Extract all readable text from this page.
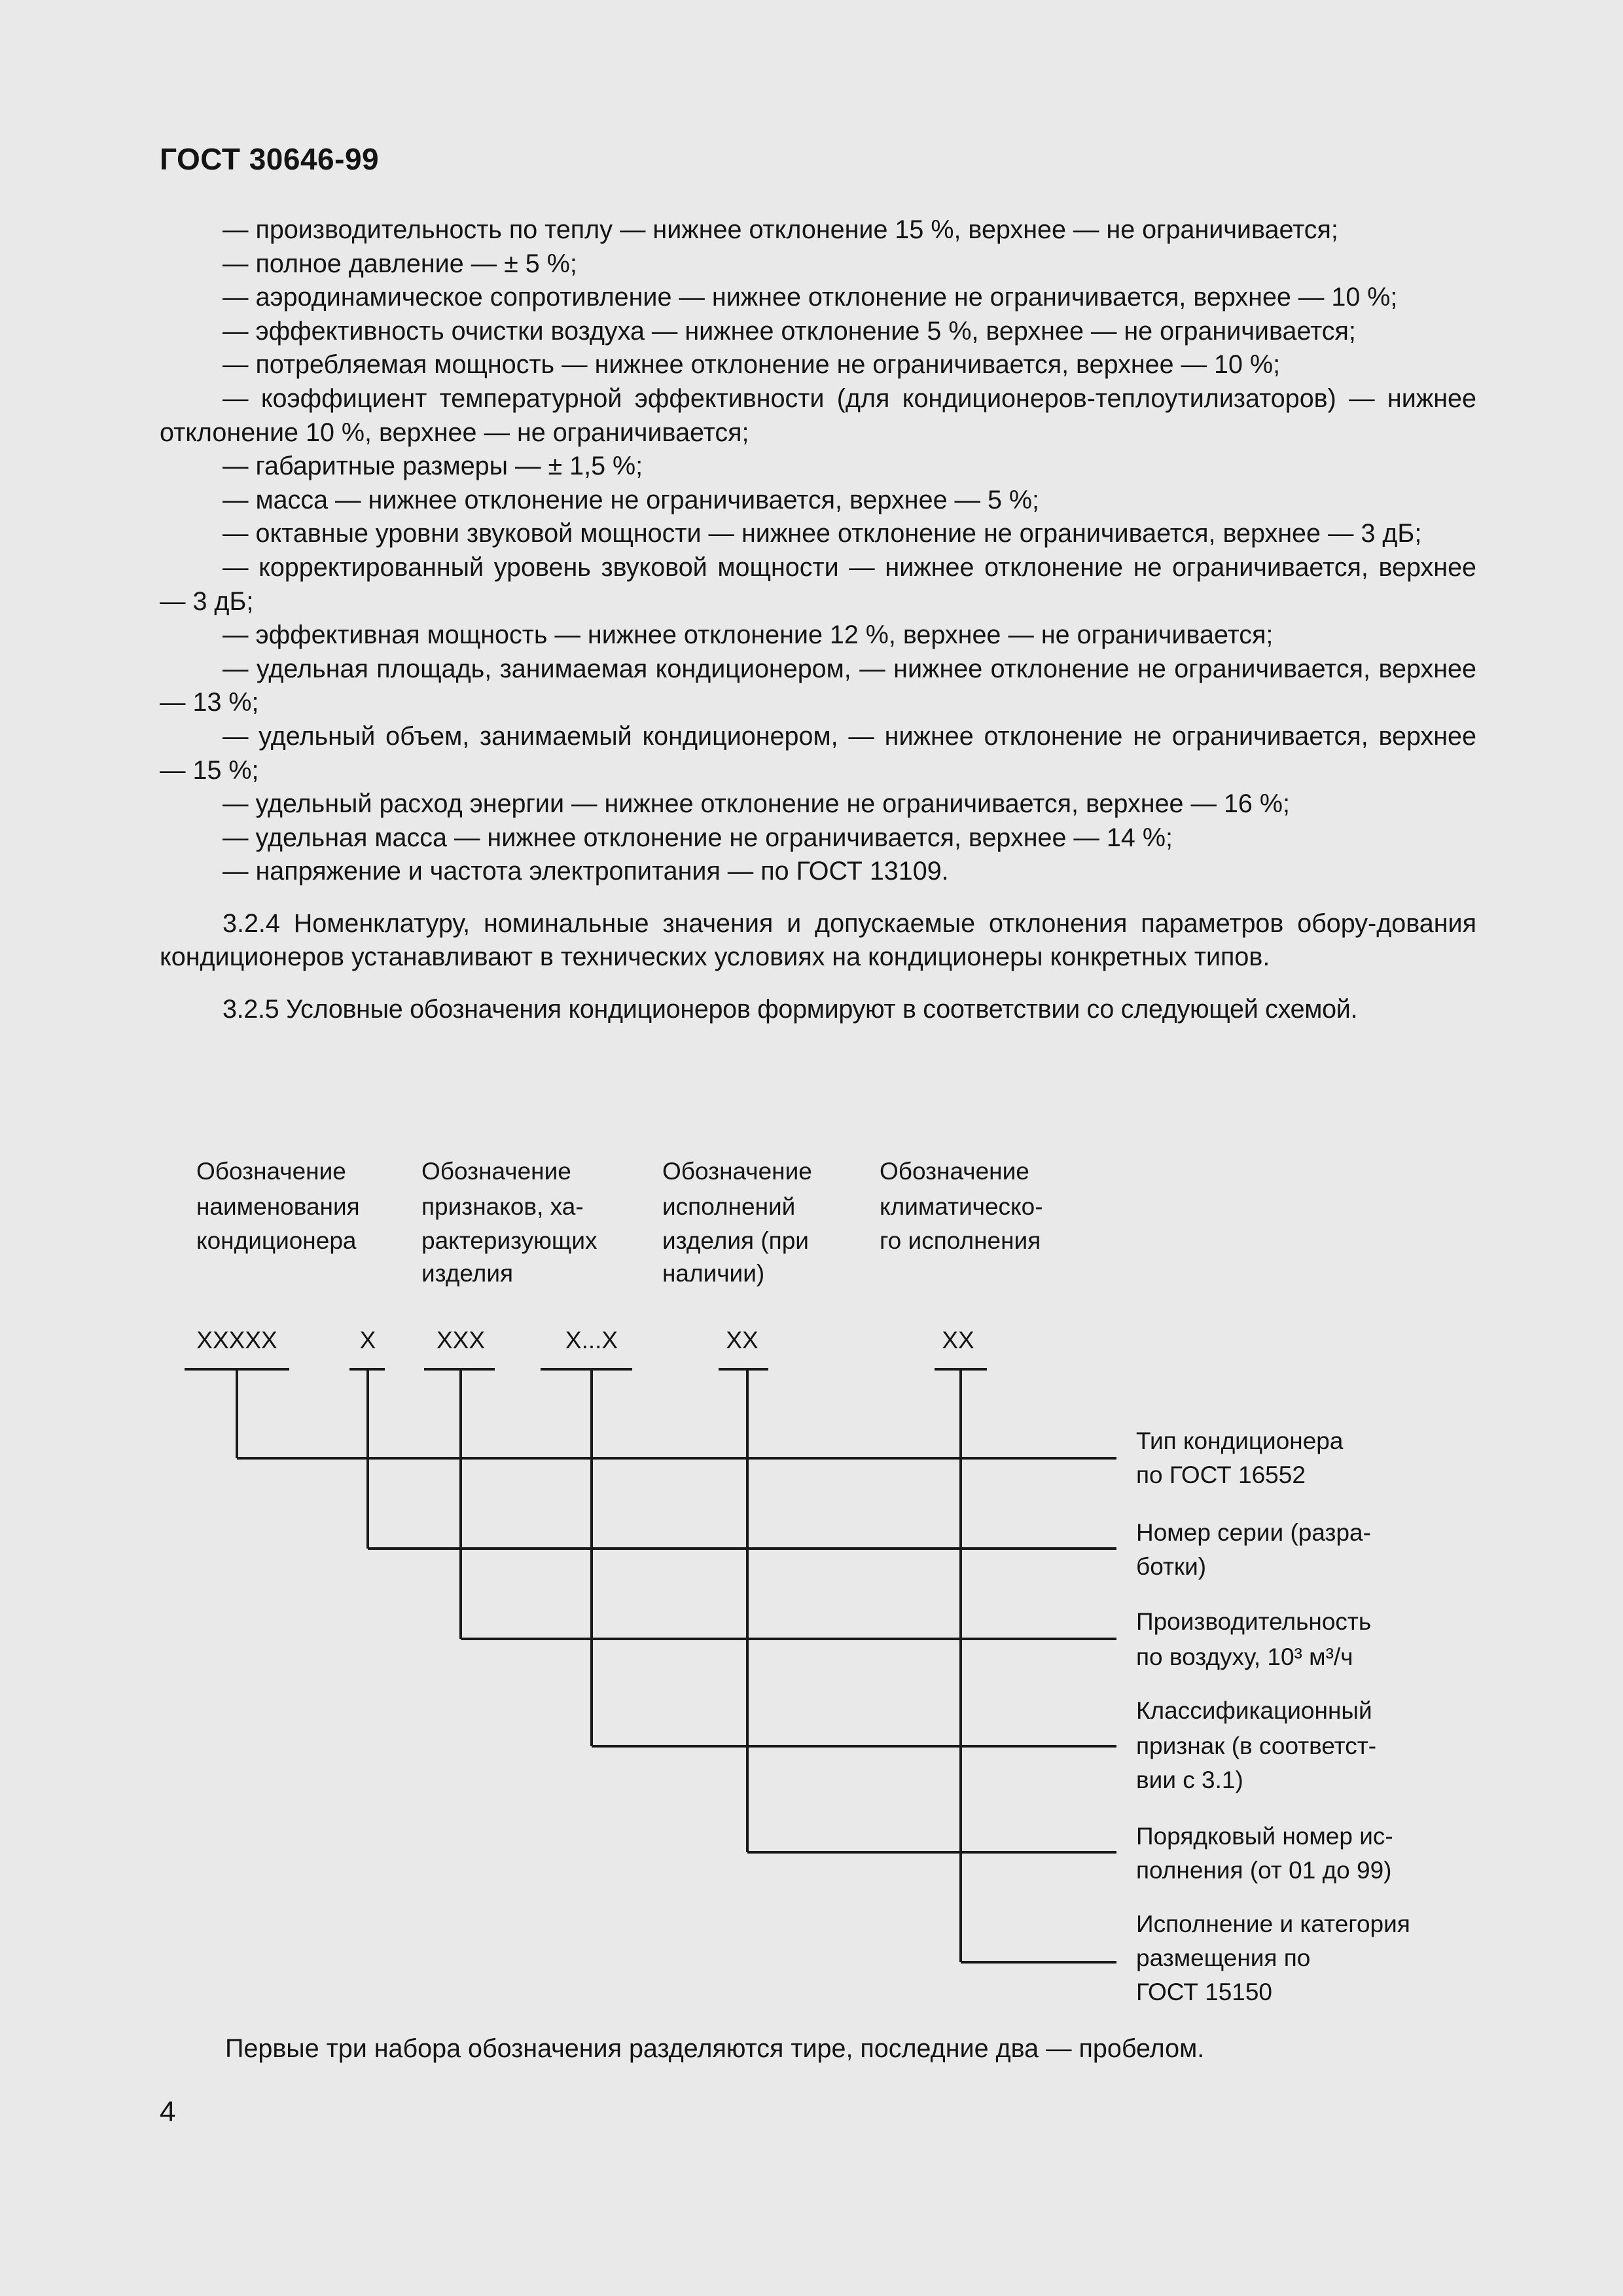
ГОСТ 30646-99

— производительность по теплу — нижнее отклонение 15 %, верхнее — не ограничивается;

— полное давление — ± 5 %;

— аэродинамическое сопротивление — нижнее отклонение не ограничивается, верхнее — 10 %;

— эффективность очистки воздуха — нижнее отклонение 5 %, верхнее — не ограничивается;

— потребляемая мощность — нижнее отклонение не ограничивается, верхнее — 10 %;

— коэффициент температурной эффективности (для кондиционеров-теплоутилизаторов) — нижнее отклонение 10 %, верхнее — не ограничивается;

— габаритные размеры — ± 1,5 %;

— масса — нижнее отклонение не ограничивается, верхнее — 5 %;

— октавные уровни звуковой мощности — нижнее отклонение не ограничивается, верхнее — 3 дБ;

— корректированный уровень звуковой мощности — нижнее отклонение не ограничивается, верхнее — 3 дБ;

— эффективная мощность — нижнее отклонение 12 %, верхнее — не ограничивается;

— удельная площадь, занимаемая кондиционером, — нижнее отклонение не ограничивается, верхнее — 13 %;

— удельный объем, занимаемый кондиционером, — нижнее отклонение не ограничивается, верхнее — 15 %;

— удельный расход энергии — нижнее отклонение не ограничивается, верхнее — 16 %;

— удельная масса — нижнее отклонение не ограничивается, верхнее — 14 %;

— напряжение и частота электропитания — по ГОСТ 13109.

3.2.4 Номенклатуру, номинальные значения и допускаемые отклонения параметров обору-дования кондиционеров устанавливают в технических условиях на кондиционеры конкретных типов.

3.2.5 Условные обозначения кондиционеров формируют в соответствии со следующей схемой.

Обозначение
наименования
кондиционера
Обозначение
признаков, ха-
рактеризующих
изделия
Обозначение
исполнений
изделия (при
наличии)
Обозначение
климатическо-
го исполнения
XXXXX	X	XXX	X...X	XX	XX
Тип кондиционера
по ГОСТ 16552
Номер серии (разра-
ботки)
Производительность
по воздуху, 10³ м³/ч
Классификационный
признак (в соответст-
вии с 3.1)
Порядковый номер ис-
полнения (от 01 до 99)
Исполнение и категория
размещения по
ГОСТ 15150
Первые три набора обозначения разделяются тире, последние два — пробелом.
4
